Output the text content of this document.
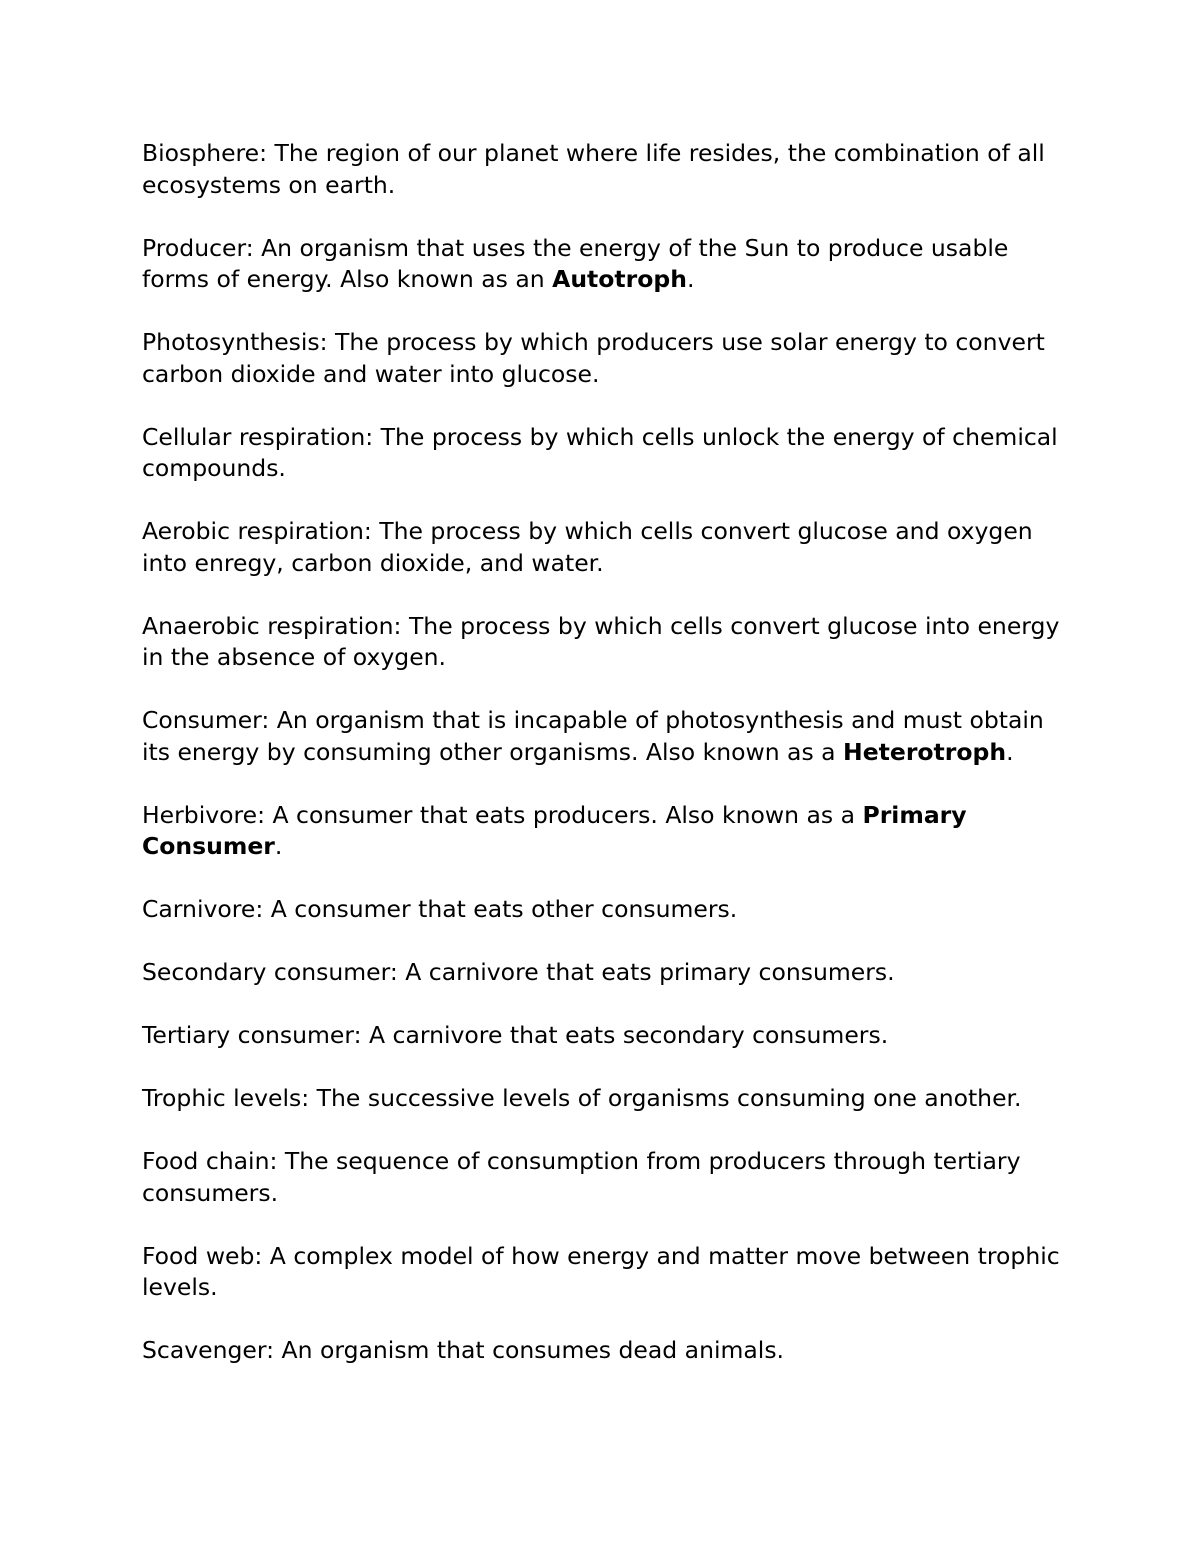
Biosphere: The region of our planet where life resides, the combination of all ecosystems on earth.

Producer: An organism that uses the energy of the Sun to produce usable forms of energy. Also known as an Autotroph.

Photosynthesis: The process by which producers use solar energy to convert carbon dioxide and water into glucose.

Cellular respiration: The process by which cells unlock the energy of chemical compounds.

Aerobic respiration: The process by which cells convert glucose and oxygen into enregy, carbon dioxide, and water.

Anaerobic respiration: The process by which cells convert glucose into energy in the absence of oxygen.

Consumer: An organism that is incapable of photosynthesis and must obtain its energy by consuming other organisms. Also known as a Heterotroph.

Herbivore: A consumer that eats producers. Also known as a Primary Consumer.

Carnivore: A consumer that eats other consumers.

Secondary consumer: A carnivore that eats primary consumers.

Tertiary consumer: A carnivore that eats secondary consumers.

Trophic levels: The successive levels of organisms consuming one another.

Food chain: The sequence of consumption from producers through tertiary consumers.

Food web: A complex model of how energy and matter move between trophic levels.

Scavenger: An organism that consumes dead animals.
